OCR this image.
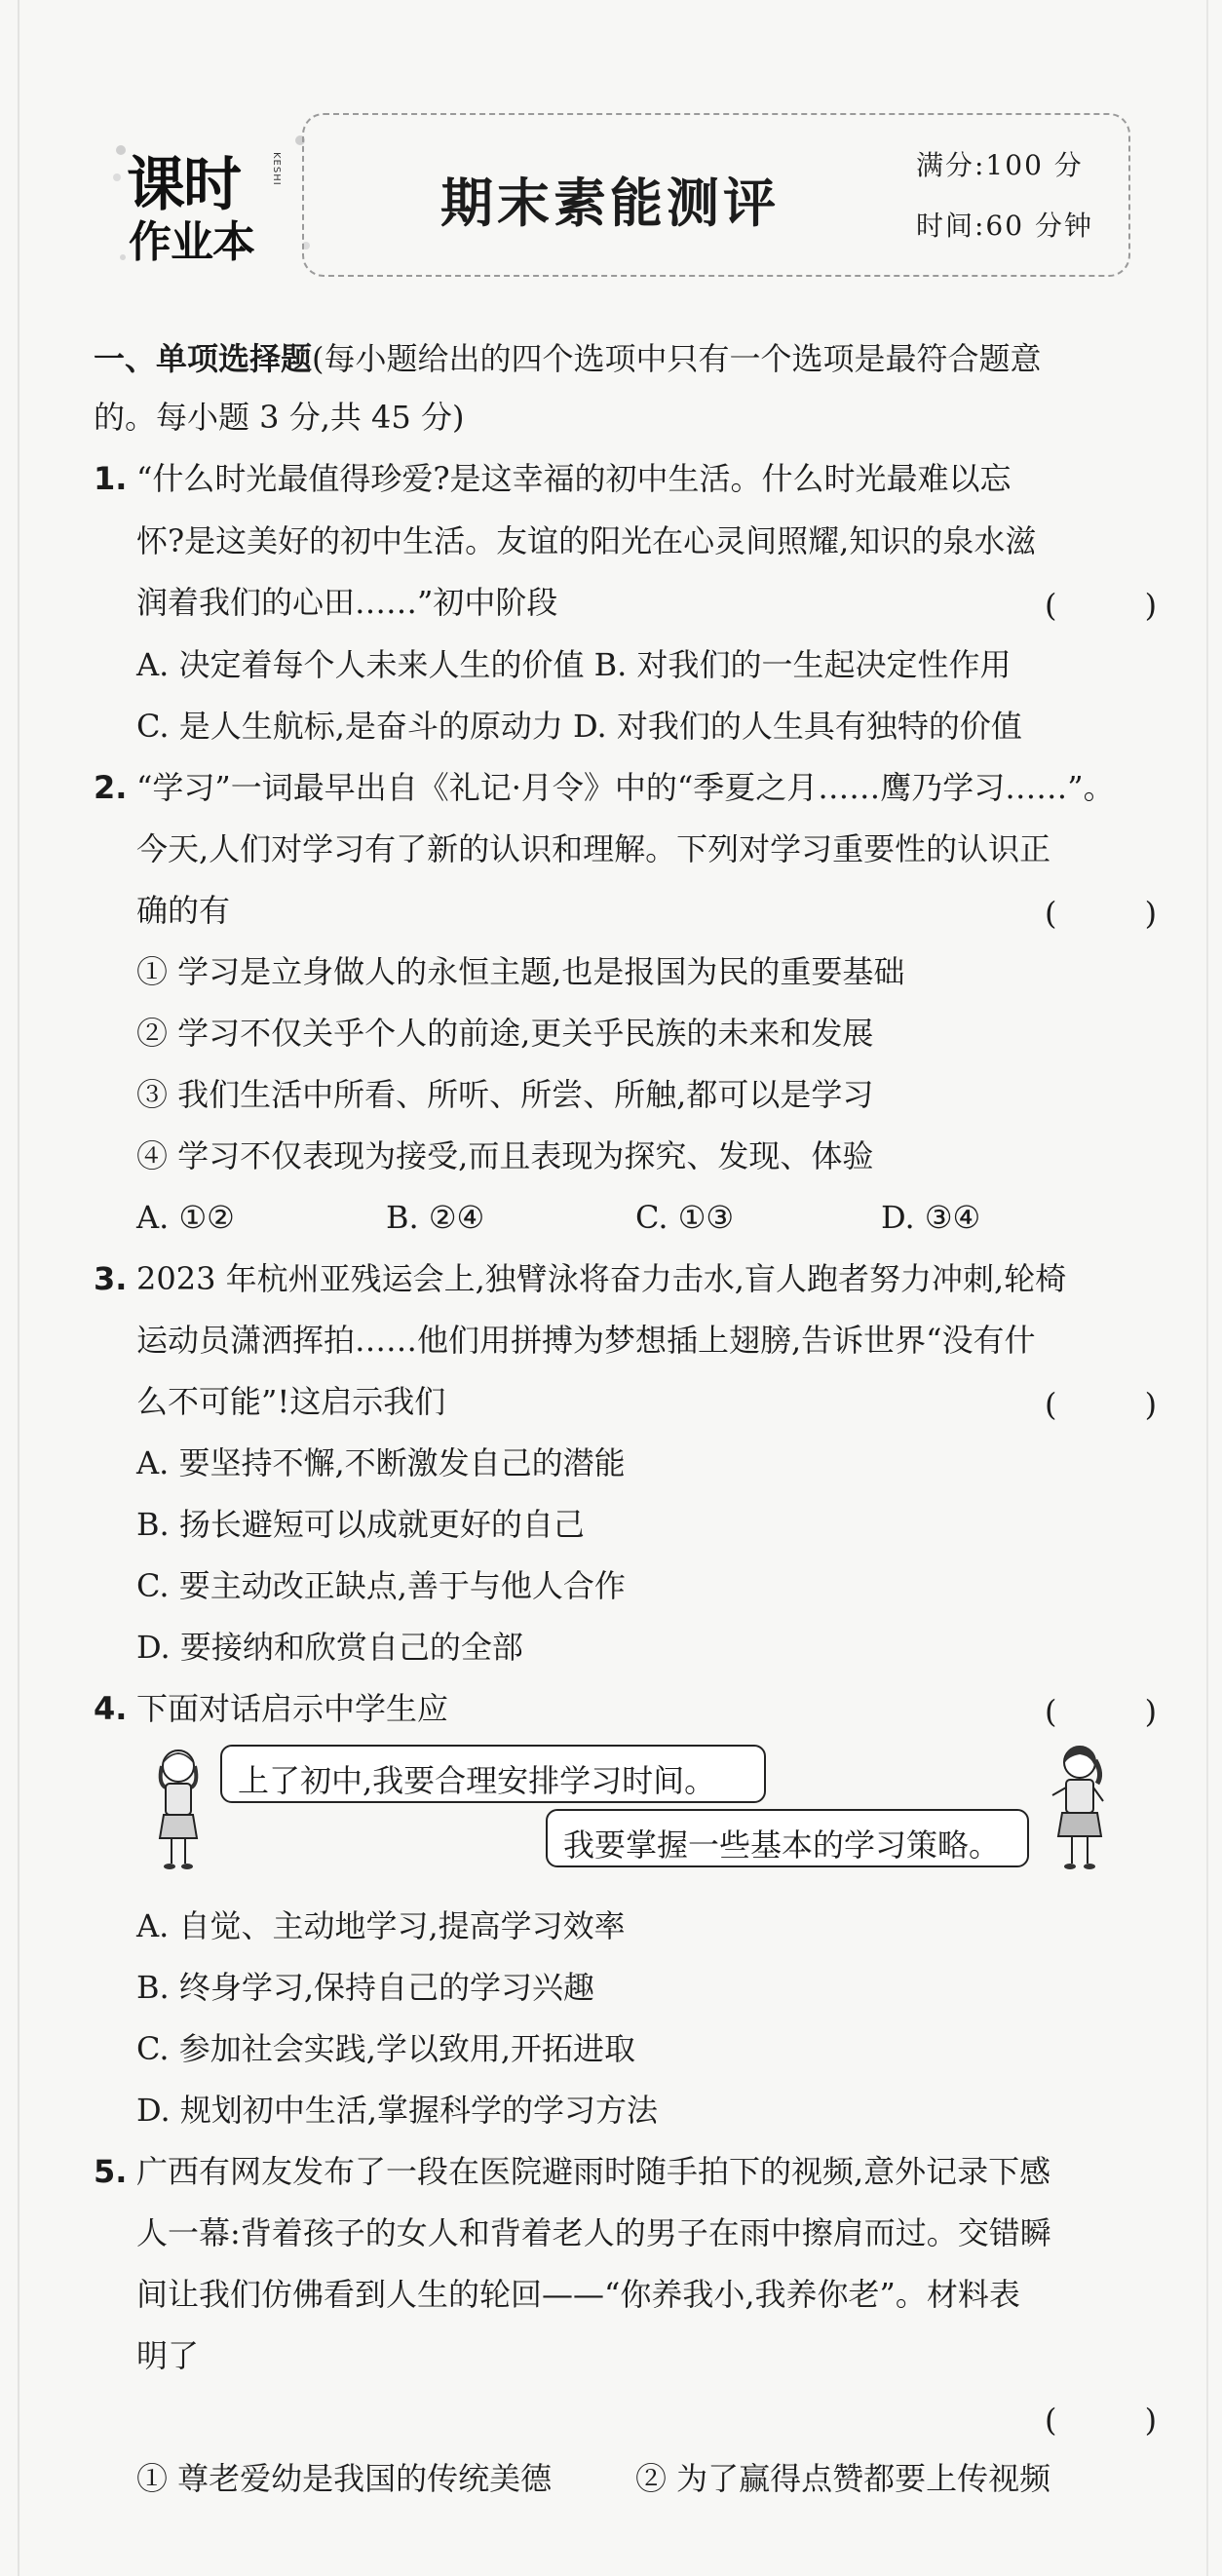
课时	KESHI
作业本
期末素能测评
满分:100 分
时间:60 分钟
一、单项选择题(每小题给出的四个选项中只有一个选项是最符合题意
的。每小题 3 分,共 45 分)
1. “什么时光最值得珍爱?是这幸福的初中生活。什么时光最难以忘
怀?是这美好的初中生活。友谊的阳光在心灵间照耀,知识的泉水滋
润着我们的心田……”初中阶段	( )
A. 决定着每个人未来人生的价值 B. 对我们的一生起决定性作用
C. 是人生航标,是奋斗的原动力 D. 对我们的人生具有独特的价值
2. “学习”一词最早出自《礼记·月令》中的“季夏之月……鹰乃学习……”。
今天,人们对学习有了新的认识和理解。下列对学习重要性的认识正
确的有	( )
① 学习是立身做人的永恒主题,也是报国为民的重要基础
② 学习不仅关乎个人的前途,更关乎民族的未来和发展
③ 我们生活中所看、所听、所尝、所触,都可以是学习
④ 学习不仅表现为接受,而且表现为探究、发现、体验
A. ①②	B. ②④	C. ①③	D. ③④
3. 2023 年杭州亚残运会上,独臂泳将奋力击水,盲人跑者努力冲刺,轮椅
运动员潇洒挥拍……他们用拼搏为梦想插上翅膀,告诉世界“没有什
么不可能”!这启示我们	( )
A. 要坚持不懈,不断激发自己的潜能
B. 扬长避短可以成就更好的自己
C. 要主动改正缺点,善于与他人合作
D. 要接纳和欣赏自己的全部
4. 下面对话启示中学生应	( )
上了初中,我要合理安排学习时间。
我要掌握一些基本的学习策略。
A. 自觉、主动地学习,提高学习效率
B. 终身学习,保持自己的学习兴趣
C. 参加社会实践,学以致用,开拓进取
D. 规划初中生活,掌握科学的学习方法
5. 广西有网友发布了一段在医院避雨时随手拍下的视频,意外记录下感
人一幕:背着孩子的女人和背着老人的男子在雨中擦肩而过。交错瞬
间让我们仿佛看到人生的轮回——“你养我小,我养你老”。材料表
明了
( )
① 尊老爱幼是我国的传统美德	② 为了赢得点赞都要上传视频
